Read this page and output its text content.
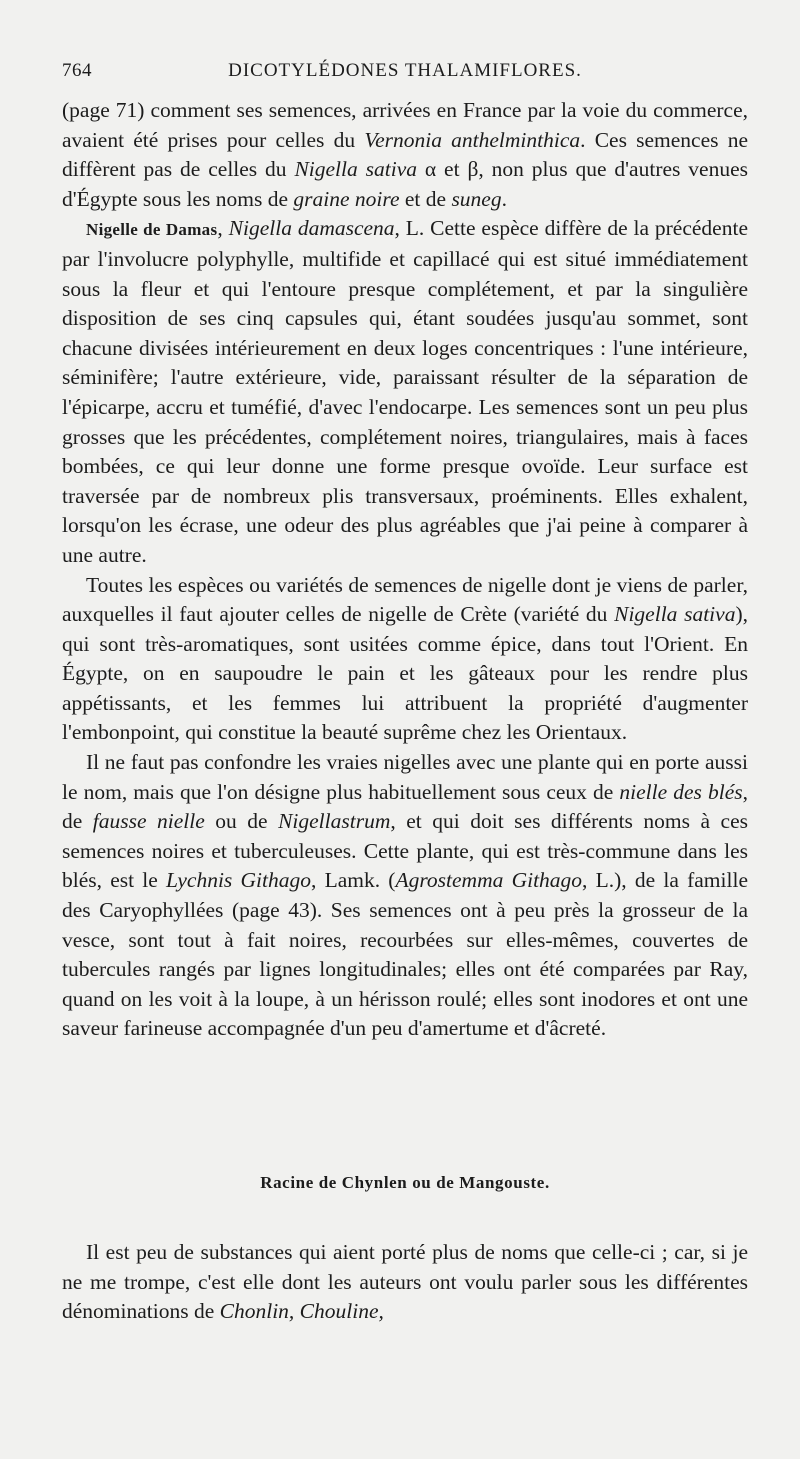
764	DICOTYLÉDONES THALAMIFLORES.

(page 71) comment ses semences, arrivées en France par la voie du commerce, avaient été prises pour celles du Vernonia anthelminthica. Ces semences ne diffèrent pas de celles du Nigella sativa α et β, non plus que d'autres venues d'Égypte sous les noms de graine noire et de suneg.

Nigelle de Damas, Nigella damascena, L. Cette espèce diffère de la précédente par l'involucre polyphylle, multifide et capillacé qui est situé immédiatement sous la fleur et qui l'entoure presque complétement, et par la singulière disposition de ses cinq capsules qui, étant soudées jusqu'au sommet, sont chacune divisées intérieurement en deux loges concentriques : l'une intérieure, séminifère; l'autre extérieure, vide, paraissant résulter de la séparation de l'épicarpe, accru et tuméfié, d'avec l'endocarpe. Les semences sont un peu plus grosses que les précédentes, complétement noires, triangulaires, mais à faces bombées, ce qui leur donne une forme presque ovoïde. Leur surface est traversée par de nombreux plis transversaux, proéminents. Elles exhalent, lorsqu'on les écrase, une odeur des plus agréables que j'ai peine à comparer à une autre.

Toutes les espèces ou variétés de semences de nigelle dont je viens de parler, auxquelles il faut ajouter celles de nigelle de Crète (variété du Nigella sativa), qui sont très-aromatiques, sont usitées comme épice, dans tout l'Orient. En Égypte, on en saupoudre le pain et les gâteaux pour les rendre plus appétissants, et les femmes lui attribuent la propriété d'augmenter l'embonpoint, qui constitue la beauté suprême chez les Orientaux.

Il ne faut pas confondre les vraies nigelles avec une plante qui en porte aussi le nom, mais que l'on désigne plus habituellement sous ceux de nielle des blés, de fausse nielle ou de Nigellastrum, et qui doit ses différents noms à ces semences noires et tuberculeuses. Cette plante, qui est très-commune dans les blés, est le Lychnis Githago, Lamk. (Agrostemma Githago, L.), de la famille des Caryophyllées (page 43). Ses semences ont à peu près la grosseur de la vesce, sont tout à fait noires, recourbées sur elles-mêmes, couvertes de tubercules rangés par lignes longitudinales; elles ont été comparées par Ray, quand on les voit à la loupe, à un hérisson roulé; elles sont inodores et ont une saveur farineuse accompagnée d'un peu d'amertume et d'âcreté.

Racine de Chynlen ou de Mangouste.

Il est peu de substances qui aient porté plus de noms que celle-ci ; car, si je ne me trompe, c'est elle dont les auteurs ont voulu parler sous les différentes dénominations de Chonlin, Chouline,
